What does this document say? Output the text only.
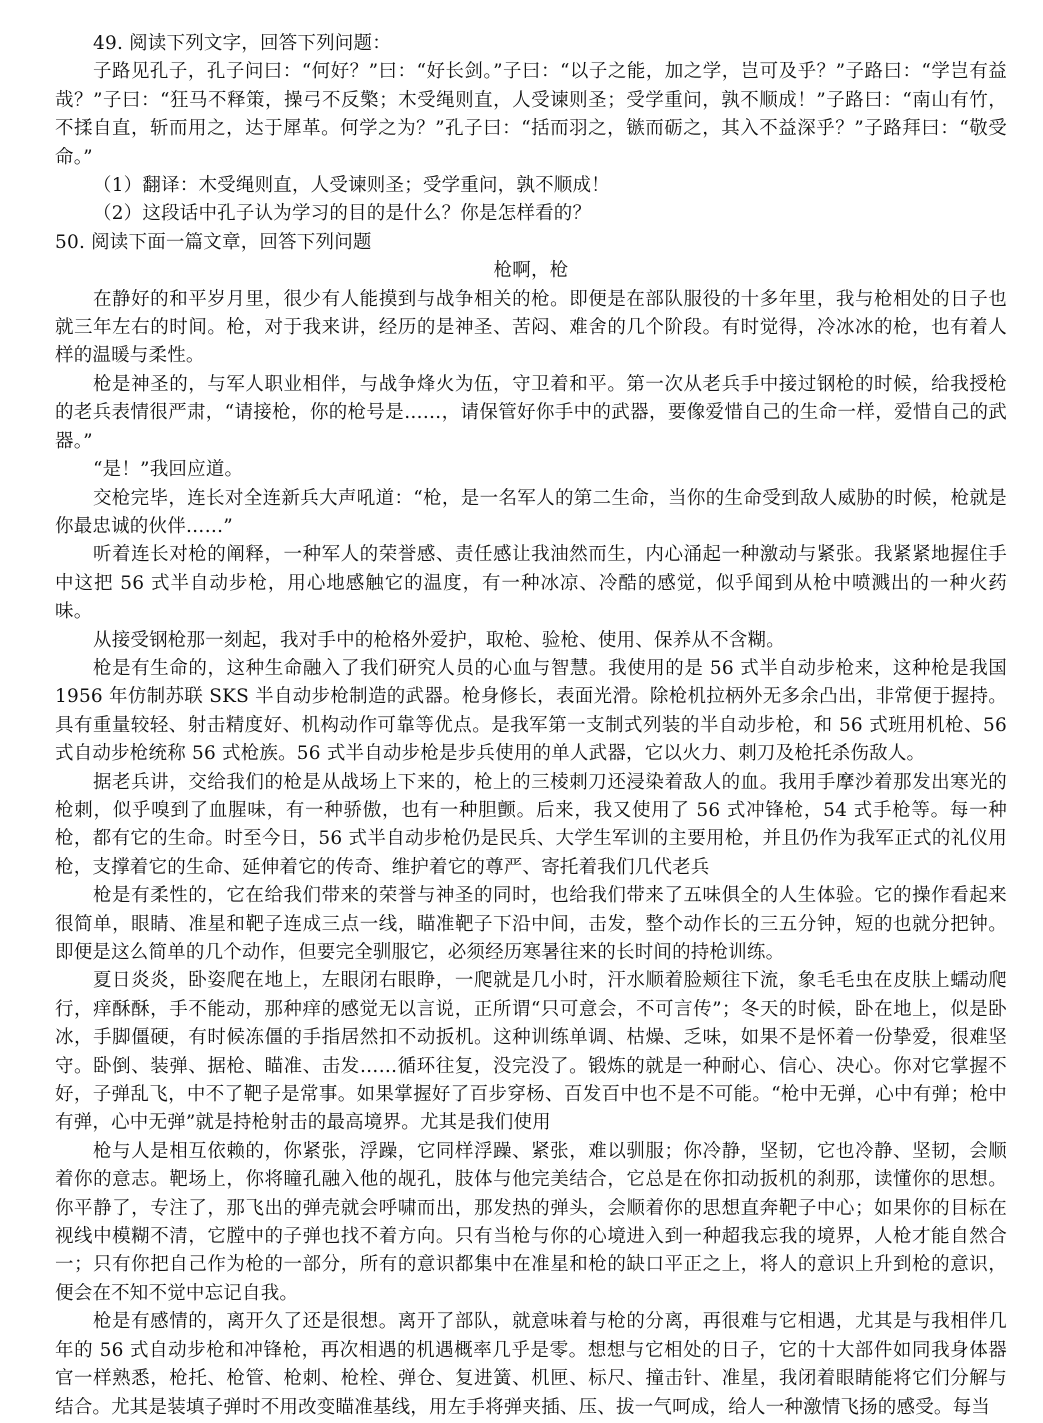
49. 阅读下列文字，回答下列问题：

子路见孔子，孔子问曰：“何好？”曰：“好长剑。”子曰：“以子之能，加之学，岂可及乎？”子路曰：“学岂有益哉？”子曰：“狂马不释策，操弓不反檠；木受绳则直，人受谏则圣；受学重问，孰不顺成！”子路曰：“南山有竹，不揉自直，斩而用之，达于犀革。何学之为？”孔子曰：“括而羽之，镞而砺之，其入不益深乎？”子路拜曰：“敬受命。”

（1）翻译：木受绳则直，人受谏则圣；受学重问，孰不顺成！

（2）这段话中孔子认为学习的目的是什么？你是怎样看的？

50. 阅读下面一篇文章，回答下列问题

枪啊，枪

在静好的和平岁月里，很少有人能摸到与战争相关的枪。即便是在部队服役的十多年里，我与枪相处的日子也就三年左右的时间。枪，对于我来讲，经历的是神圣、苦闷、难舍的几个阶段。有时觉得，冷冰冰的枪，也有着人样的温暖与柔性。

枪是神圣的，与军人职业相伴，与战争烽火为伍，守卫着和平。第一次从老兵手中接过钢枪的时候，给我授枪的老兵表情很严肃，“请接枪，你的枪号是……，请保管好你手中的武器，要像爱惜自己的生命一样，爱惜自己的武器。”

“是！”我回应道。

交枪完毕，连长对全连新兵大声吼道：“枪，是一名军人的第二生命，当你的生命受到敌人威胁的时候，枪就是你最忠诚的伙伴……”

听着连长对枪的阐释，一种军人的荣誉感、责任感让我油然而生，内心涌起一种激动与紧张。我紧紧地握住手中这把 56 式半自动步枪，用心地感触它的温度，有一种冰凉、冷酷的感觉，似乎闻到从枪中喷溅出的一种火药味。

从接受钢枪那一刻起，我对手中的枪格外爱护，取枪、验枪、使用、保养从不含糊。

枪是有生命的，这种生命融入了我们研究人员的心血与智慧。我使用的是 56 式半自动步枪来，这种枪是我国 1956 年仿制苏联 SKS 半自动步枪制造的武器。枪身修长，表面光滑。除枪机拉柄外无多余凸出，非常便于握持。具有重量较轻、射击精度好、机构动作可靠等优点。是我军第一支制式列装的半自动步枪，和 56 式班用机枪、56 式自动步枪统称 56 式枪族。56 式半自动步枪是步兵使用的单人武器，它以火力、刺刀及枪托杀伤敌人。

据老兵讲，交给我们的枪是从战场上下来的，枪上的三棱刺刀还浸染着敌人的血。我用手摩沙着那发出寒光的枪刺，似乎嗅到了血腥味，有一种骄傲，也有一种胆颤。后来，我又使用了 56 式冲锋枪，54 式手枪等。每一种枪，都有它的生命。时至今日，56 式半自动步枪仍是民兵、大学生军训的主要用枪，并且仍作为我军正式的礼仪用枪，支撑着它的生命、延伸着它的传奇、维护着它的尊严、寄托着我们几代老兵

枪是有柔性的，它在给我们带来的荣誉与神圣的同时，也给我们带来了五味俱全的人生体验。它的操作看起来很简单，眼睛、准星和靶子连成三点一线，瞄准靶子下沿中间，击发，整个动作长的三五分钟，短的也就分把钟。即便是这么简单的几个动作，但要完全驯服它，必须经历寒暑往来的长时间的持枪训练。

夏日炎炎，卧姿爬在地上，左眼闭右眼睁，一爬就是几小时，汗水顺着脸颊往下流，象毛毛虫在皮肤上蠕动爬行，痒酥酥，手不能动，那种痒的感觉无以言说，正所谓“只可意会，不可言传”；冬天的时候，卧在地上，似是卧冰，手脚僵硬，有时候冻僵的手指居然扣不动扳机。这种训练单调、枯燥、乏味，如果不是怀着一份挚爱，很难坚守。卧倒、装弹、据枪、瞄准、击发……循环往复，没完没了。锻炼的就是一种耐心、信心、决心。你对它掌握不好，子弹乱飞，中不了靶子是常事。如果掌握好了百步穿杨、百发百中也不是不可能。“枪中无弹，心中有弹；枪中有弹，心中无弹”就是持枪射击的最高境界。尤其是我们使用

枪与人是相互依赖的，你紧张，浮躁，它同样浮躁、紧张，难以驯服；你冷静，坚韧，它也冷静、坚韧，会顺着你的意志。靶场上，你将瞳孔融入他的觇孔，肢体与他完美结合，它总是在你扣动扳机的刹那，读懂你的思想。你平静了，专注了，那飞出的弹壳就会呼啸而出，那发热的弹头，会顺着你的思想直奔靶子中心；如果你的目标在视线中模糊不清，它膛中的子弹也找不着方向。只有当枪与你的心境进入到一种超我忘我的境界，人枪才能自然合一；只有你把自己作为枪的一部分，所有的意识都集中在准星和枪的缺口平正之上，将人的意识上升到枪的意识，便会在不知不觉中忘记自我。

枪是有感情的，离开久了还是很想。离开了部队，就意味着与枪的分离，再很难与它相遇，尤其是与我相伴几年的 56 式自动步枪和冲锋枪，再次相遇的机遇概率几乎是零。想想与它相处的日子，它的十大部件如同我身体器官一样熟悉，枪托、枪管、枪刺、枪栓、弹仓、复进簧、机匣、标尺、撞击针、准星，我闭着眼睛能将它们分解与结合。尤其是装填子弹时不用改变瞄准基线，用左手将弹夹插、压、拔一气呵成，给人一种激情飞扬的感受。每当
